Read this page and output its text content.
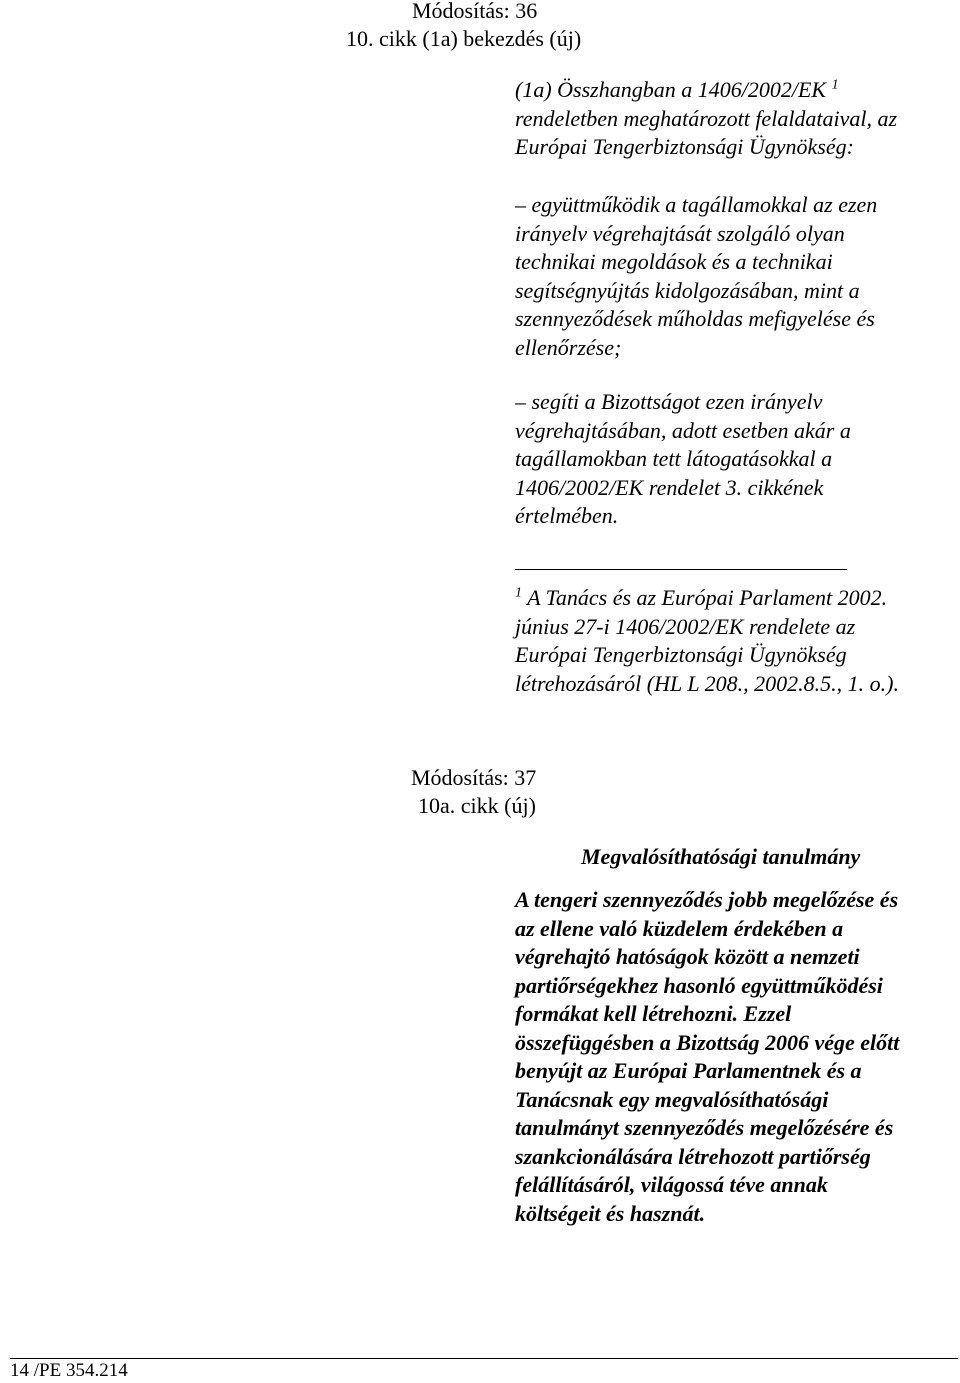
Módosítás: 36
10. cikk (1a) bekezdés (új)
(1a) Összhangban a 1406/2002/EK $^1$
rendeletben meghatározott felaldataival, az
Európai Tengerbiztonsági Ügynökség:
– együttműködik a tagállamokkal az ezen
irányelv végrehajtását szolgáló olyan
technikai megoldások és a technikai
segítségnyújtás kidolgozásában, mint a
szennyeződések műholdas mefigyelése és
ellenőrzése;
– segíti a Bizottságot ezen irányelv
végrehajtásában, adott esetben akár a
tagállamokban tett látogatásokkal a
1406/2002/EK rendelet 3. cikkének
értelmében.
$^1$ A Tanács és az Európai Parlament 2002.
június 27-i 1406/2002/EK rendelete az
Európai Tengerbiztonsági Ügynökség
létrehozásáról (HL L 208., 2002.8.5., 1. o.).
Módosítás: 37
10a. cikk (új)
Megvalósíthatósági tanulmány
A tengeri szennyeződés jobb megelőzése és
az ellene való küzdelem érdekében a
végrehajtó hatóságok között a nemzeti
partiőrségekhez hasonló együttműködési
formákat kell létrehozni. Ezzel
összefüggésben a Bizottság 2006 vége előtt
benyújt az Európai Parlamentnek és a
Tanácsnak egy megvalósíthatósági
tanulmányt szennyeződés megelőzésére és
szankcionálására létrehozott partiőrség
felállításáról, világossá téve annak
költségeit és hasznát.
14 /PE 354.214
